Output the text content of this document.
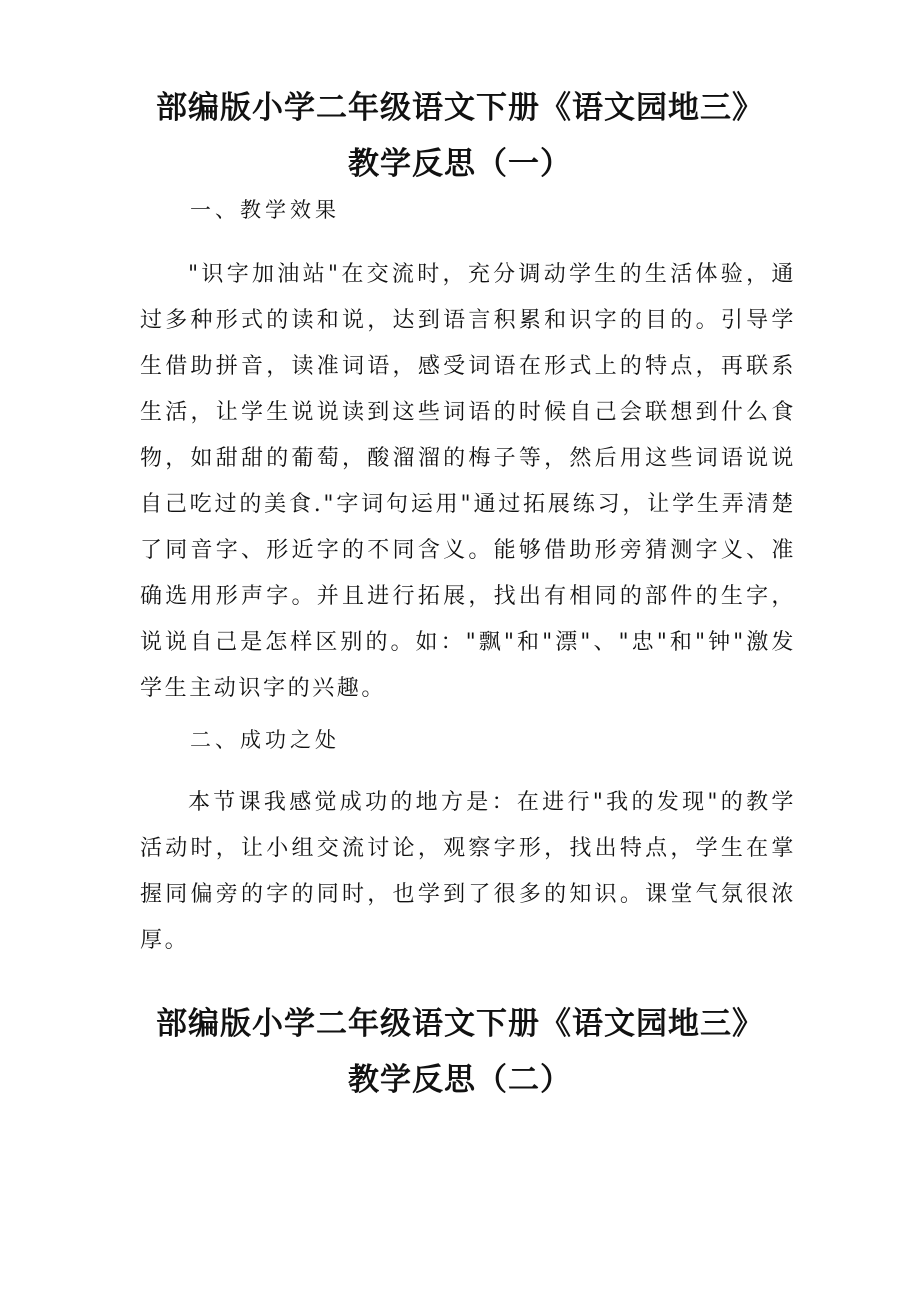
部编版小学二年级语文下册《语文园地三》
教学反思（一）

一、教学效果

"识字加油站"在交流时，充分调动学生的生活体验，通过多种形式的读和说，达到语言积累和识字的目的。引导学生借助拼音，读准词语，感受词语在形式上的特点，再联系生活，让学生说说读到这些词语的时候自己会联想到什么食物，如甜甜的葡萄，酸溜溜的梅子等，然后用这些词语说说自己吃过的美食."字词句运用"通过拓展练习，让学生弄清楚了同音字、形近字的不同含义。能够借助形旁猜测字义、准确选用形声字。并且进行拓展，找出有相同的部件的生字，说说自己是怎样区别的。如："飘"和"漂"、"忠"和"钟"激发学生主动识字的兴趣。

二、成功之处

本节课我感觉成功的地方是：在进行"我的发现"的教学活动时，让小组交流讨论，观察字形，找出特点，学生在掌握同偏旁的字的同时，也学到了很多的知识。课堂气氛很浓厚。

部编版小学二年级语文下册《语文园地三》
教学反思（二）
